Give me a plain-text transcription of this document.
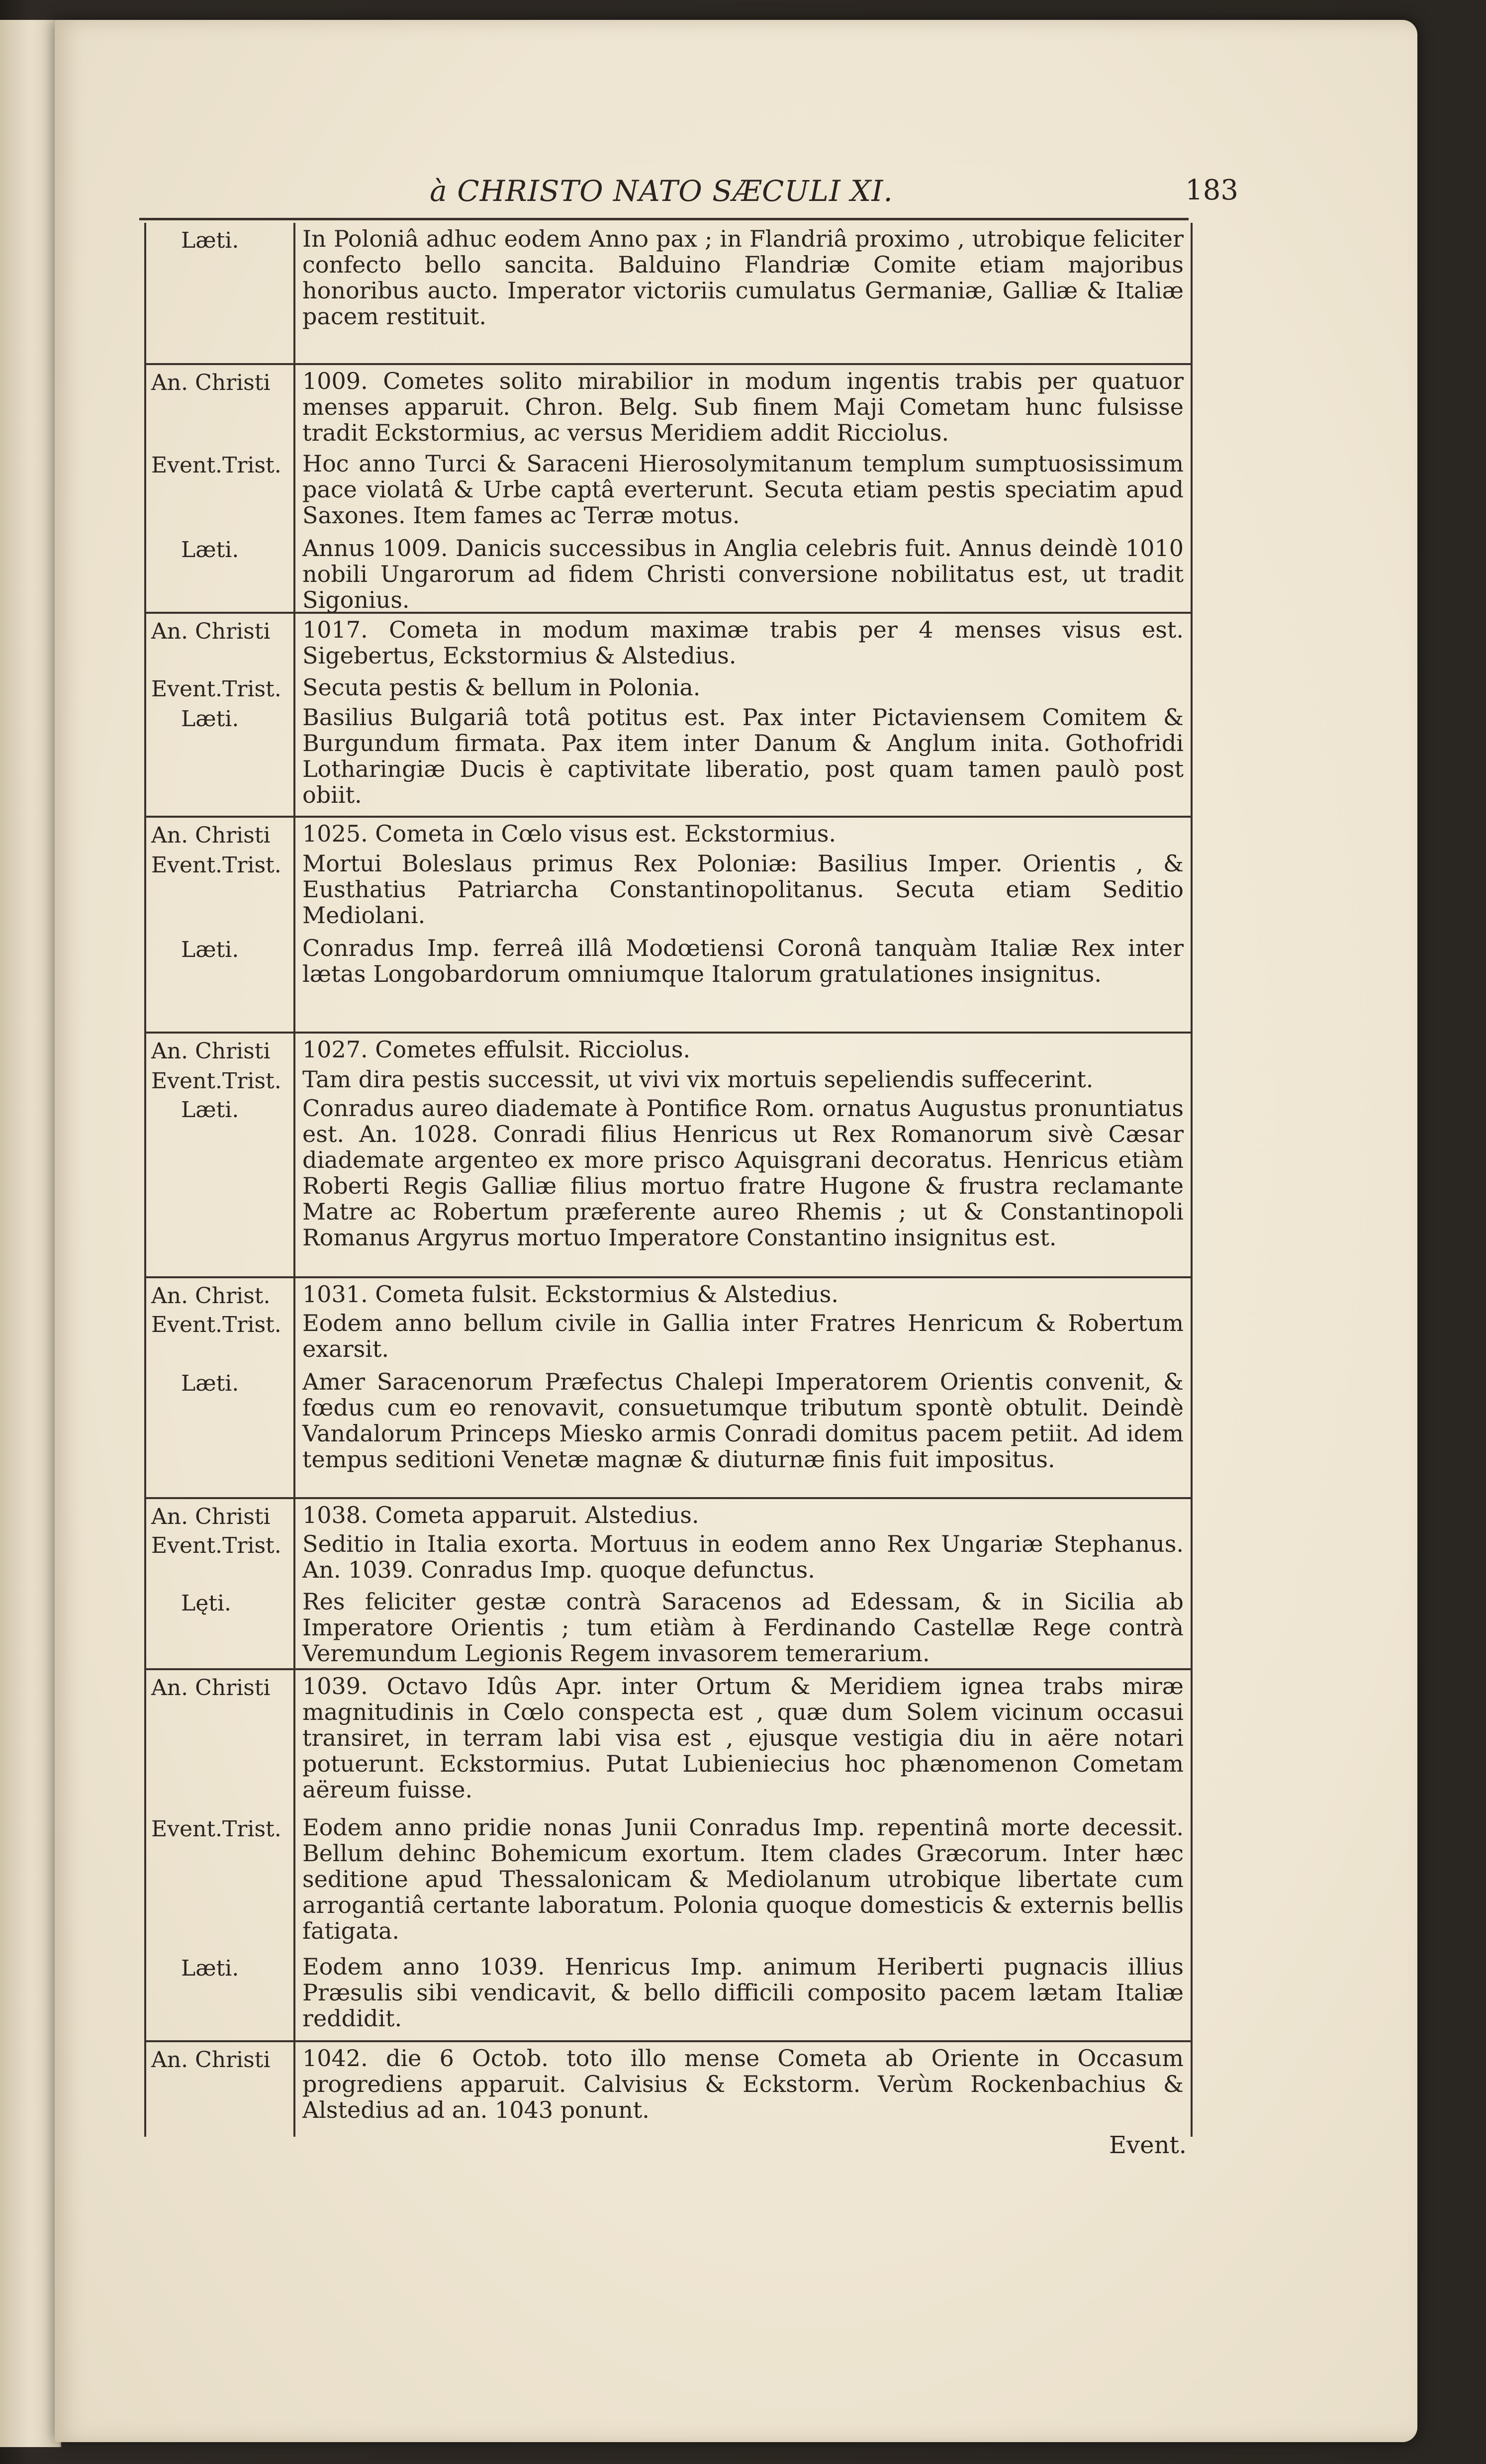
à CHRISTO NATO SÆCULI XI.	183
Læti.	In Poloniâ adhuc eodem Anno pax ; in Flandriâ proximo , utrobique feliciter confecto bello sancita. Balduino Flandriæ Comite etiam majoribus honoribus aucto. Imperator victoriis cumulatus Germaniæ, Galliæ & Italiæ pacem restituit.
An. Christi	1009. Cometes solito mirabilior in modum ingentis trabis per quatuor menses apparuit. Chron. Belg. Sub finem Maji Cometam hunc fulsisse tradit Eckstormius, ac versus Meridiem addit Ricciolus.
Event.Trist. Hoc anno Turci & Saraceni Hierosolymitanum templum sumptuosissimum pace violatâ & Urbe captâ everterunt. Secuta etiam pestis speciatim apud Saxones. Item fames ac Terræ motus.
Læti.	Annus 1009. Danicis successibus in Anglia celebris fuit. Annus deindè 1010 nobili Ungarorum ad fidem Christi conversione nobilitatus est, ut tradit Sigonius.
An. Christi	1017. Cometa in modum maximæ trabis per 4 menses visus est. Sigebertus, Eckstormius & Alstedius.
Event.Trist. Secuta pestis & bellum in Polonia.
Læti.	Basilius Bulgariâ totâ potitus est. Pax inter Pictaviensem Comitem & Burgundum firmata. Pax item inter Danum & Anglum inita. Gothofridi Lotharingiæ Ducis è captivitate liberatio, post quam tamen paulò post obiit.
An. Christi	1025. Cometa in Cœlo visus est. Eckstormius.
Event.Trist. Mortui Boleslaus primus Rex Poloniæ: Basilius Imper. Orientis , & Eusthatius Patriarcha Constantinopolitanus. Secuta etiam Seditio Mediolani.
Læti.	Conradus Imp. ferreâ illâ Modœtiensi Coronâ tanquàm Italiæ Rex inter lætas Longobardorum omniumque Italorum gratulationes insignitus.
An. Christi	1027. Cometes effulsit. Ricciolus.
Event.Trist. Tam dira pestis successit, ut vivi vix mortuis sepeliendis suffecerint.
Læti.	Conradus aureo diademate à Pontifice Rom. ornatus Augustus pronuntiatus est. An. 1028. Conradi filius Henricus ut Rex Romanorum sivè Cæsar diademate argenteo ex more prisco Aquisgrani decoratus. Henricus etiàm Roberti Regis Galliæ filius mortuo fratre Hugone & frustra reclamante Matre ac Robertum præferente aureo Rhemis ; ut & Constantinopoli Romanus Argyrus mortuo Imperatore Constantino insignitus est.
An. Christ.	1031. Cometa fulsit. Eckstormius & Alstedius.
Event.Trist. Eodem anno bellum civile in Gallia inter Fratres Henricum & Robertum exarsit.
Læti.	Amer Saracenorum Præfectus Chalepi Imperatorem Orientis convenit, & fœdus cum eo renovavit, consuetumque tributum spontè obtulit. Deindè Vandalorum Princeps Miesko armis Conradi domitus pacem petiit. Ad idem tempus seditioni Venetæ magnæ & diuturnæ finis fuit impositus.
An. Christi	1038. Cometa apparuit. Alstedius.
Event.Trist. Seditio in Italia exorta. Mortuus in eodem anno Rex Ungariæ Stephanus. An. 1039. Conradus Imp. quoque defunctus.
Lęti.	Res feliciter gestæ contrà Saracenos ad Edessam, & in Sicilia ab Imperatore Orientis ; tum etiàm à Ferdinando Castellæ Rege contrà Veremundum Legionis Regem invasorem temerarium.
An. Christi	1039. Octavo Idûs Apr. inter Ortum & Meridiem ignea trabs miræ magnitudinis in Cœlo conspecta est , quæ dum Solem vicinum occasui transiret, in terram labi visa est , ejusque vestigia diu in aëre notari potuerunt. Eckstormius. Putat Lubieniecius hoc phænomenon Cometam aëreum fuisse.
Event.Trist. Eodem anno pridie nonas Junii Conradus Imp. repentinâ morte decessit. Bellum dehinc Bohemicum exortum. Item clades Græcorum. Inter hæc seditione apud Thessalonicam & Mediolanum utrobique libertate cum arrogantiâ certante laboratum. Polonia quoque domesticis & externis bellis fatigata.
Læti.	Eodem anno 1039. Henricus Imp. animum Heriberti pugnacis illius Præsulis sibi vendicavit, & bello difficili composito pacem lætam Italiæ reddidit.
An. Christi	1042. die 6 Octob. toto illo mense Cometa ab Oriente in Occasum progrediens apparuit. Calvisius & Eckstorm. Verùm Rockenbachius & Alstedius ad an. 1043 ponunt.
Event.
